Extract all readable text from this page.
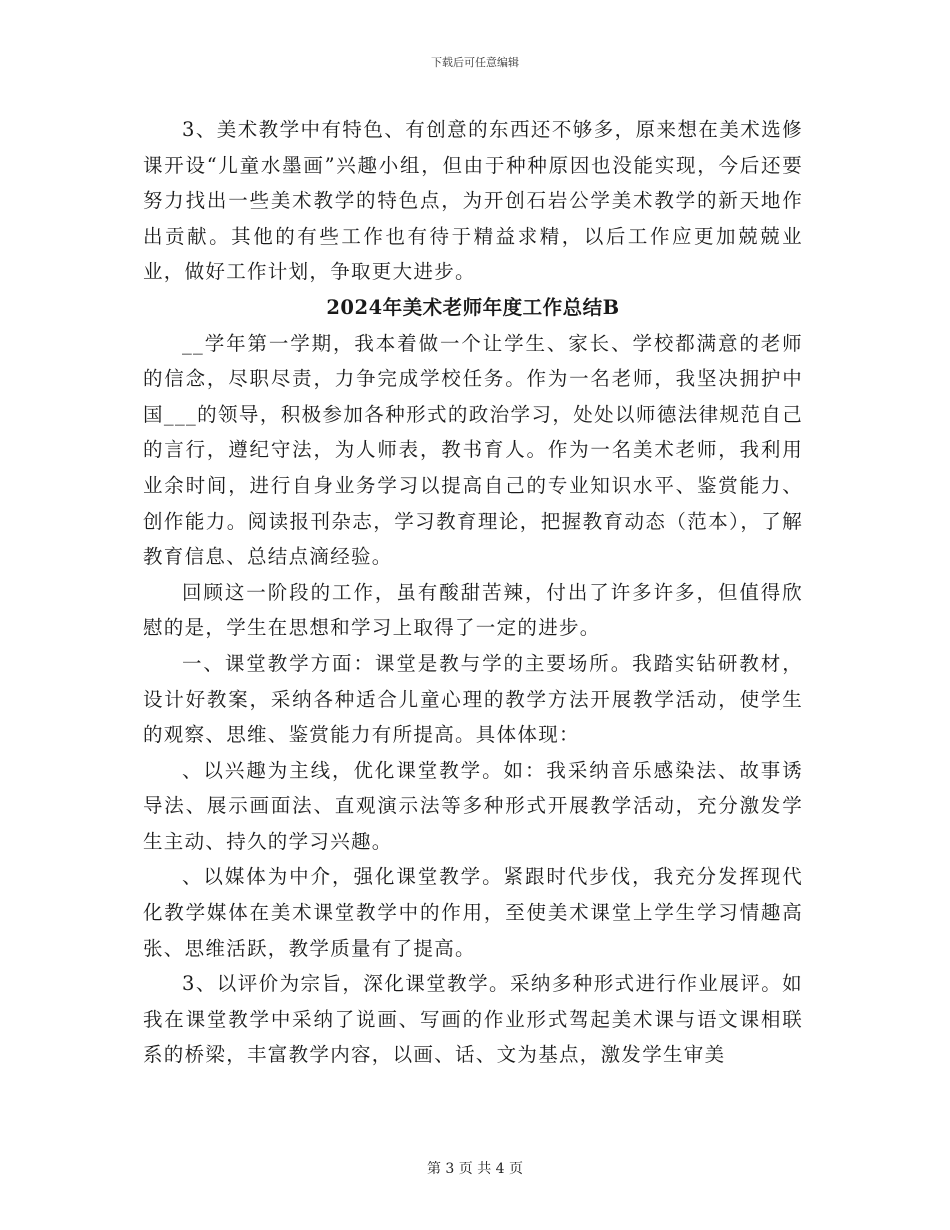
下载后可任意编辑

3、美术教学中有特色、有创意的东西还不够多，原来想在美术选修课开设“儿童水墨画”兴趣小组，但由于种种原因也没能实现，今后还要努力找出一些美术教学的特色点，为开创石岩公学美术教学的新天地作出贡献。其他的有些工作也有待于精益求精，以后工作应更加兢兢业业，做好工作计划，争取更大进步。

2024年美术老师年度工作总结B

__学年第一学期，我本着做一个让学生、家长、学校都满意的老师的信念，尽职尽责，力争完成学校任务。作为一名老师，我坚决拥护中国___的领导，积极参加各种形式的政治学习，处处以师德法律规范自己的言行，遵纪守法，为人师表，教书育人。作为一名美术老师，我利用业余时间，进行自身业务学习以提高自己的专业知识水平、鉴赏能力、创作能力。阅读报刊杂志，学习教育理论，把握教育动态（范本），了解教育信息、总结点滴经验。

回顾这一阶段的工作，虽有酸甜苦辣，付出了许多许多，但值得欣慰的是，学生在思想和学习上取得了一定的进步。

一、课堂教学方面：课堂是教与学的主要场所。我踏实钻研教材，设计好教案，采纳各种适合儿童心理的教学方法开展教学活动，使学生的观察、思维、鉴赏能力有所提高。具体体现：

、以兴趣为主线，优化课堂教学。如：我采纳音乐感染法、故事诱导法、展示画面法、直观演示法等多种形式开展教学活动，充分激发学生主动、持久的学习兴趣。

、以媒体为中介，强化课堂教学。紧跟时代步伐，我充分发挥现代化教学媒体在美术课堂教学中的作用，至使美术课堂上学生学习情趣高张、思维活跃，教学质量有了提高。

3、以评价为宗旨，深化课堂教学。采纳多种形式进行作业展评。如我在课堂教学中采纳了说画、写画的作业形式驾起美术课与语文课相联系的桥梁，丰富教学内容，以画、话、文为基点，激发学生审美

第 3 页 共 4 页
